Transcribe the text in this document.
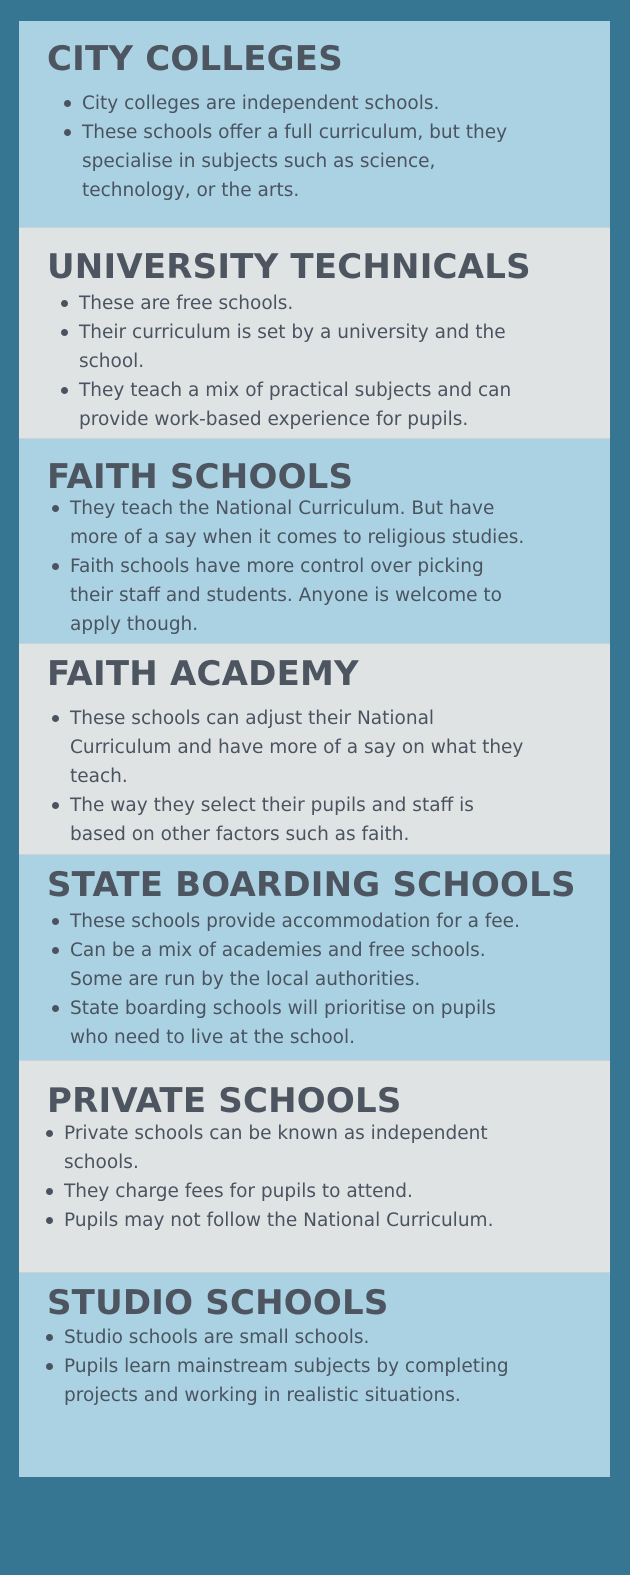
CITY COLLEGES
City colleges are independent schools.
These schools offer a full curriculum, but they
specialise in subjects such as science,
technology, or the arts.
UNIVERSITY TECHNICALS
These are free schools.
Their curriculum is set by a university and the
school.
They teach a mix of practical subjects and can
provide work-based experience for pupils.
FAITH SCHOOLS
They teach the National Curriculum. But have
more of a say when it comes to religious studies.
Faith schools have more control over picking
their staff and students. Anyone is welcome to
apply though.
FAITH ACADEMY
These schools can adjust their National
Curriculum and have more of a say on what they
teach.
The way they select their pupils and staff is
based on other factors such as faith.
STATE BOARDING SCHOOLS
These schools provide accommodation for a fee.
Can be a mix of academies and free schools.
Some are run by the local authorities.
State boarding schools will prioritise on pupils
who need to live at the school.
PRIVATE SCHOOLS
Private schools can be known as independent
schools.
They charge fees for pupils to attend.
Pupils may not follow the National Curriculum.
STUDIO SCHOOLS
Studio schools are small schools.
Pupils learn mainstream subjects by completing
projects and working in realistic situations.
